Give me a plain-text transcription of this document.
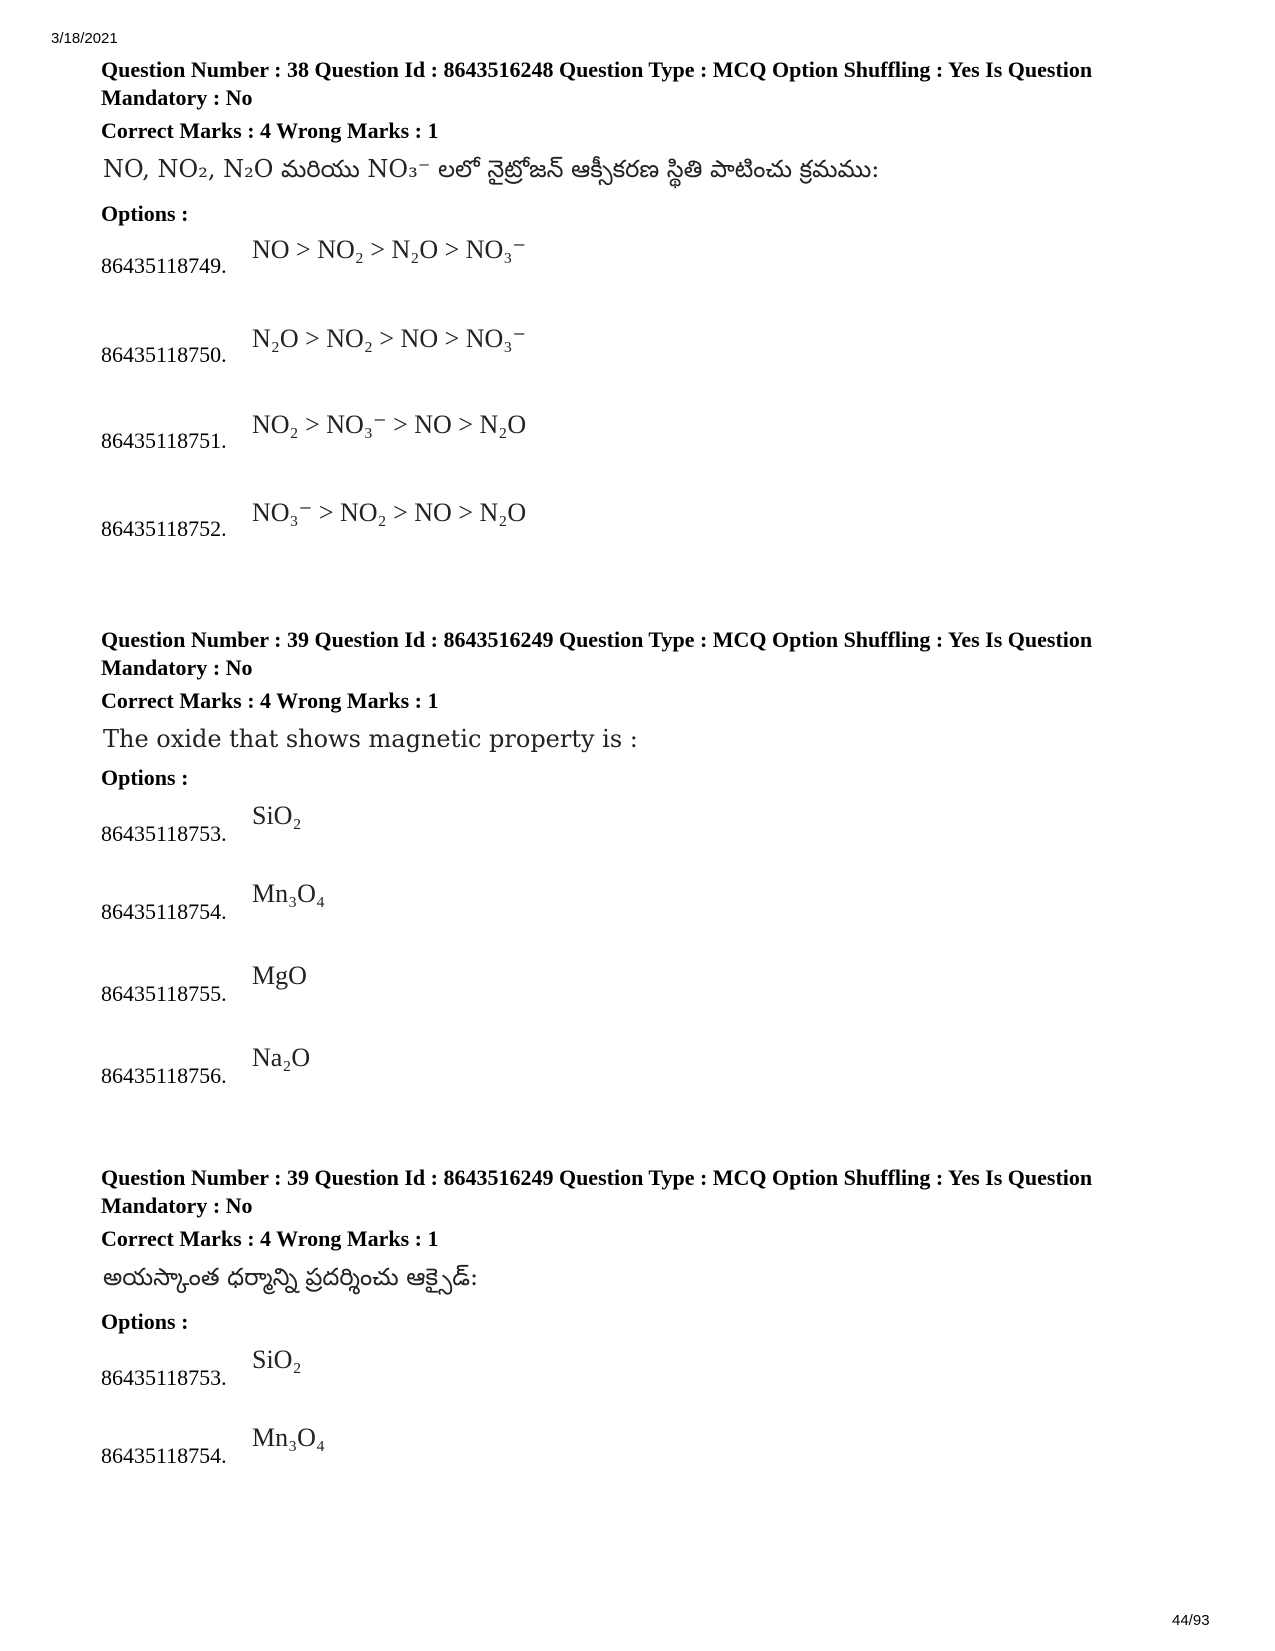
3/18/2021
Question Number : 38 Question Id : 8643516248 Question Type : MCQ Option Shuffling : Yes Is Question Mandatory : No
Correct Marks : 4 Wrong Marks : 1
NO, NO₂, N₂O మరియు NO₃⁻ లలో నైట్రోజన్ ఆక్సీకరణ స్థితి పాటించు క్రమము:
Options :
86435118749.
NO > NO₂ > N₂O > NO₃⁻
86435118750.
N₂O > NO₂ > NO > NO₃⁻
86435118751.
NO₂ > NO₃⁻ > NO > N₂O
86435118752.
NO₃⁻ > NO₂ > NO > N₂O
Question Number : 39 Question Id : 8643516249 Question Type : MCQ Option Shuffling : Yes Is Question Mandatory : No
Correct Marks : 4 Wrong Marks : 1
The oxide that shows magnetic property is :
Options :
86435118753.
SiO₂
86435118754.
Mn₃O₄
86435118755.
MgO
86435118756.
Na₂O
Question Number : 39 Question Id : 8643516249 Question Type : MCQ Option Shuffling : Yes Is Question Mandatory : No
Correct Marks : 4 Wrong Marks : 1
అయస్కాంత ధర్మాన్ని ప్రదర్శించు ఆక్సైడ్:
Options :
86435118753.
SiO₂
86435118754.
Mn₃O₄
44/93
